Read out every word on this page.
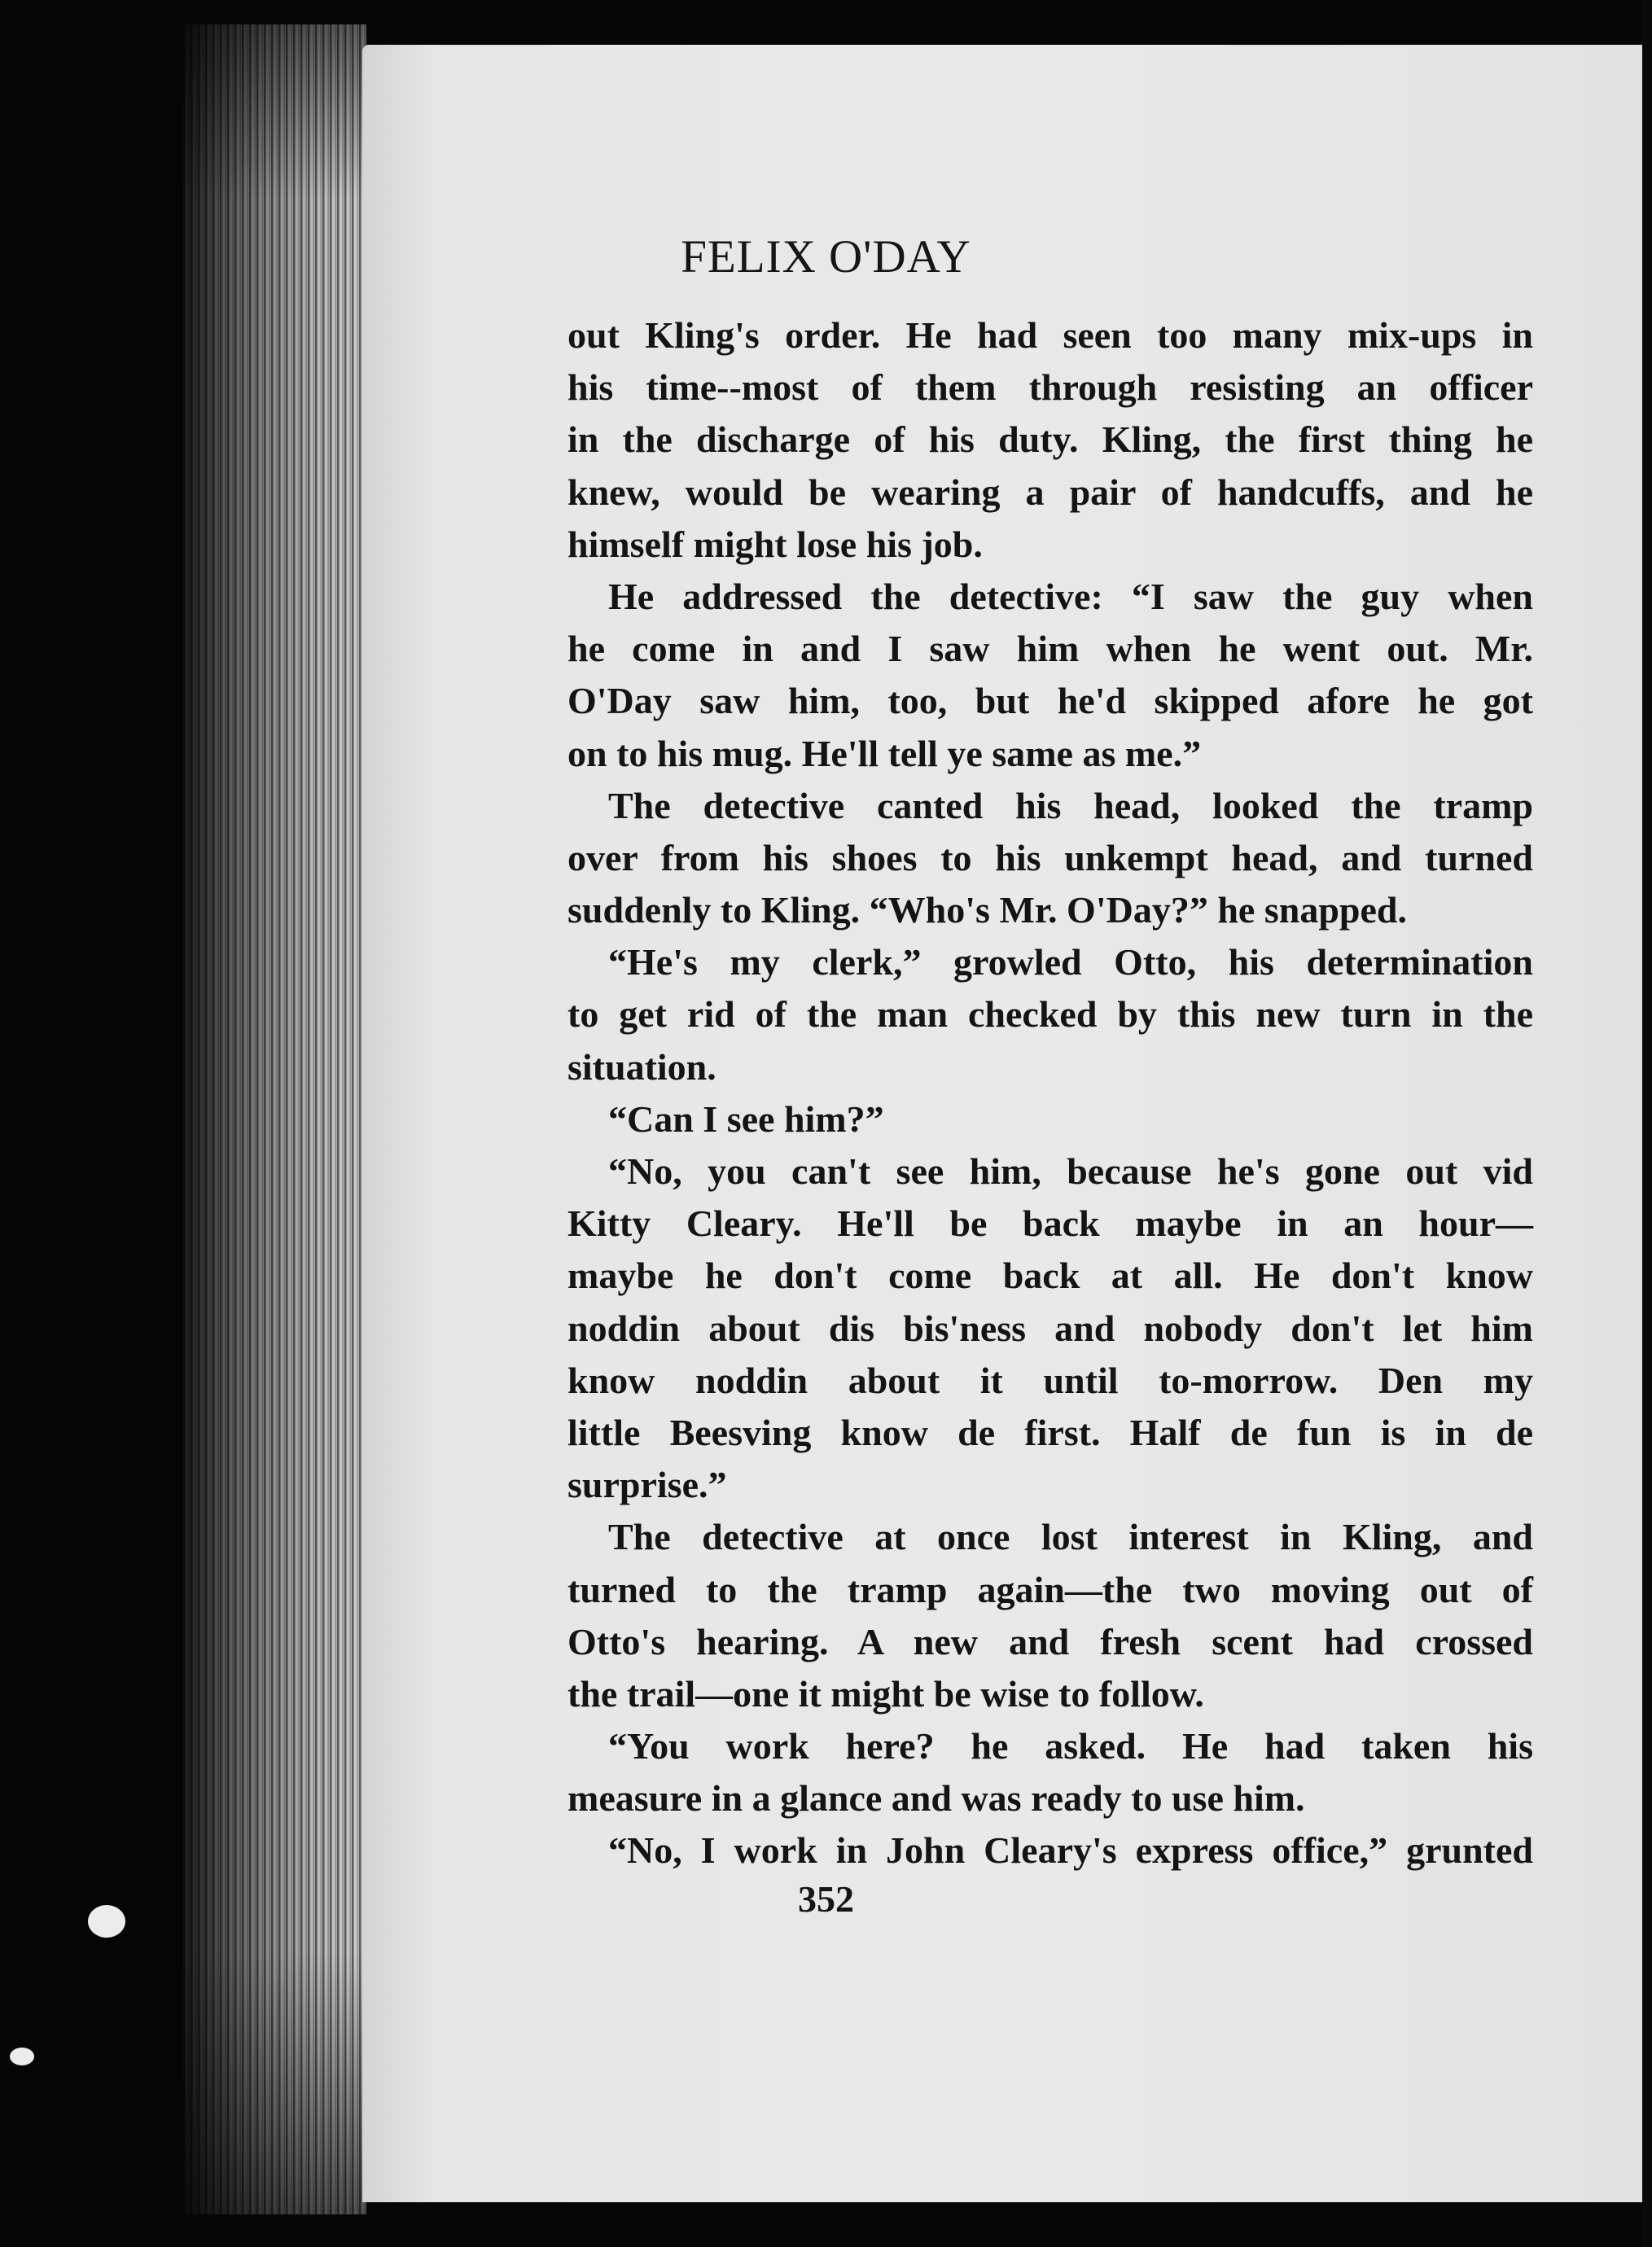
FELIX O'DAY
out Kling's order. He had seen too many mix-ups in
his time--most of them through resisting an officer
in the discharge of his duty. Kling, the first thing he
knew, would be wearing a pair of handcuffs, and he
himself might lose his job.
He addressed the detective: “I saw the guy when
he come in and I saw him when he went out. Mr.
O'Day saw him, too, but he'd skipped afore he got
on to his mug. He'll tell ye same as me.”
The detective canted his head, looked the tramp
over from his shoes to his unkempt head, and turned
suddenly to Kling. “Who's Mr. O'Day?” he snapped.
“He's my clerk,” growled Otto, his determination
to get rid of the man checked by this new turn in the
situation.
“Can I see him?”
“No, you can't see him, because he's gone out vid
Kitty Cleary. He'll be back maybe in an hour—
maybe he don't come back at all. He don't know
noddin about dis bis'ness and nobody don't let him
know noddin about it until to-morrow. Den my
little Beesving know de first. Half de fun is in de
surprise.”
The detective at once lost interest in Kling, and
turned to the tramp again—the two moving out of
Otto's hearing. A new and fresh scent had crossed
the trail—one it might be wise to follow.
“You work here? he asked. He had taken his
measure in a glance and was ready to use him.
“No, I work in John Cleary's express office,” grunted
352
